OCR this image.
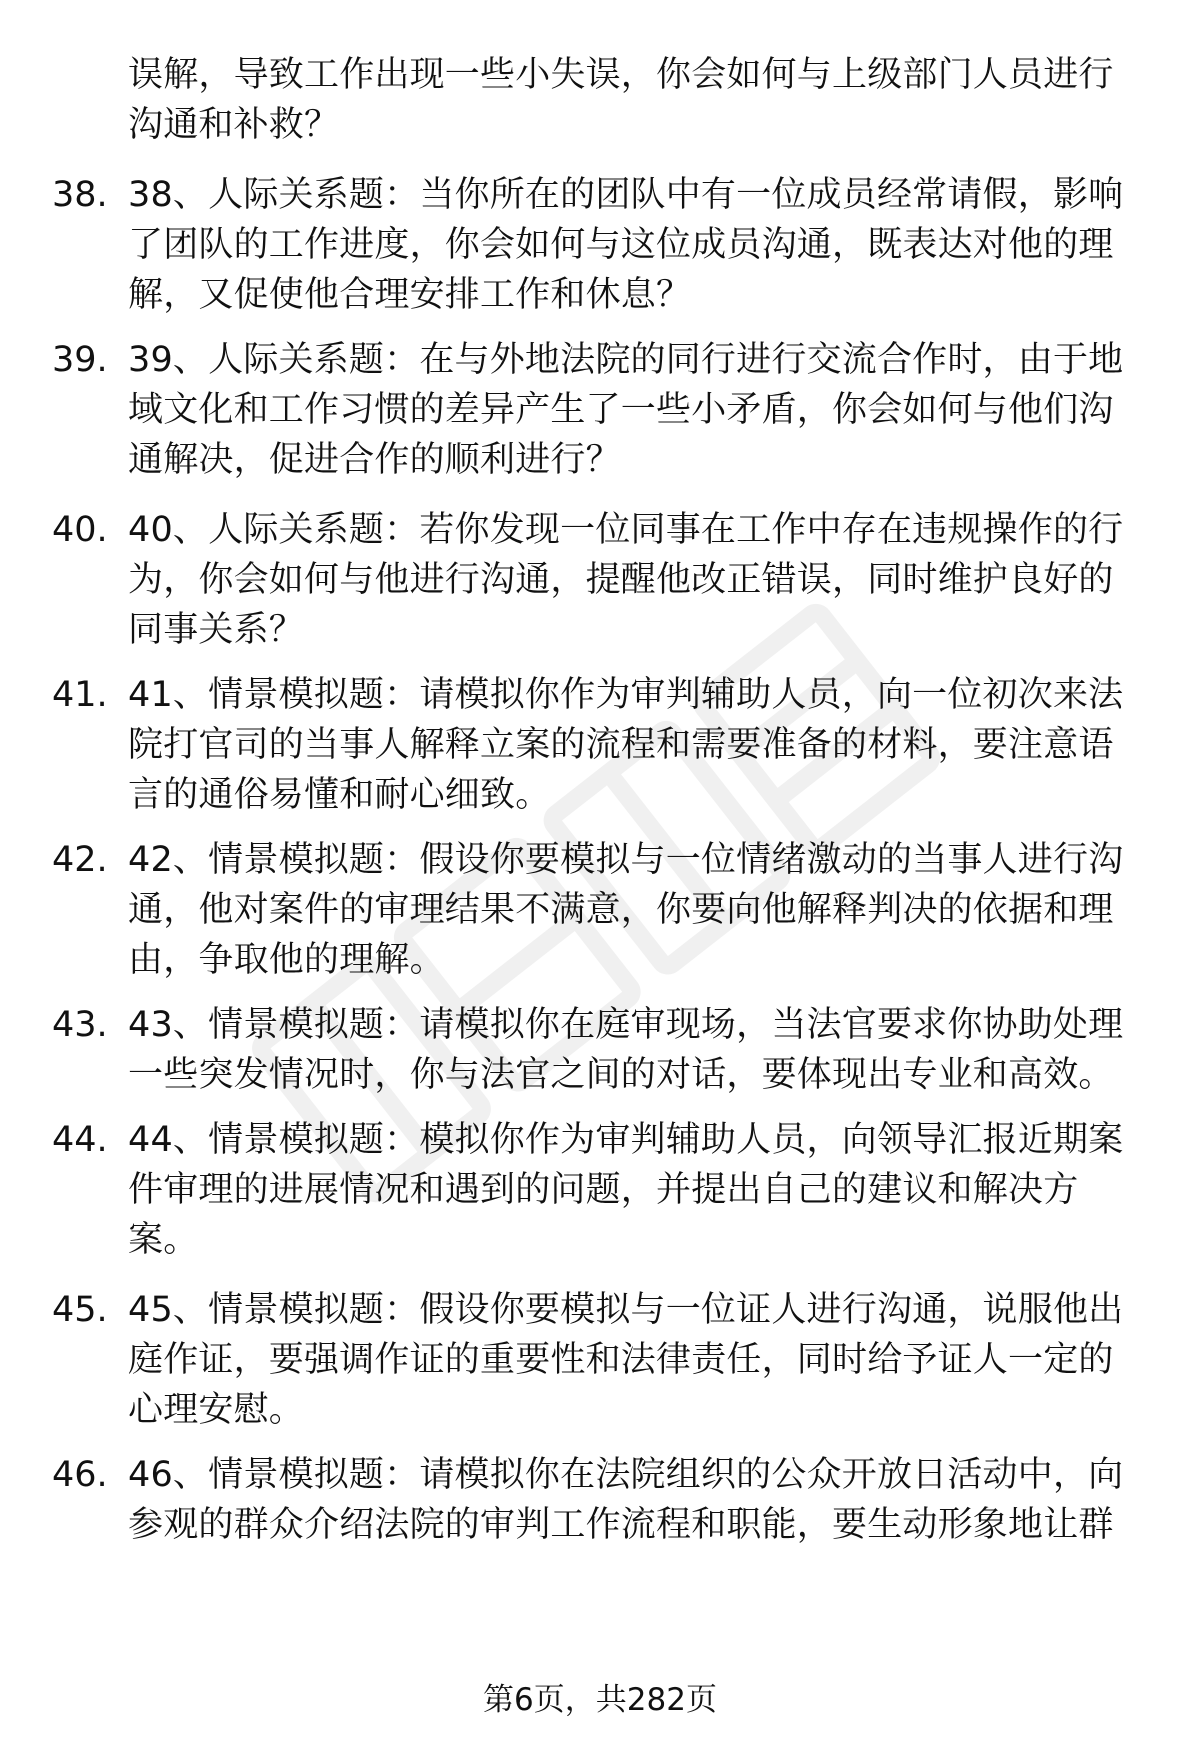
误解，导致工作出现一些小失误，你会如何与上级部门人员进行
沟通和补救？
38. 38、人际关系题：当你所在的团队中有一位成员经常请假，影响
了团队的工作进度，你会如何与这位成员沟通，既表达对他的理
解，又促使他合理安排工作和休息？
39. 39、人际关系题：在与外地法院的同行进行交流合作时，由于地
域文化和工作习惯的差异产生了一些小矛盾，你会如何与他们沟
通解决，促进合作的顺利进行？
40. 40、人际关系题：若你发现一位同事在工作中存在违规操作的行
为，你会如何与他进行沟通，提醒他改正错误，同时维护良好的
同事关系？
41. 41、情景模拟题：请模拟你作为审判辅助人员，向一位初次来法
院打官司的当事人解释立案的流程和需要准备的材料，要注意语
言的通俗易懂和耐心细致。
42. 42、情景模拟题：假设你要模拟与一位情绪激动的当事人进行沟
通，他对案件的审理结果不满意，你要向他解释判决的依据和理
由，争取他的理解。
43. 43、情景模拟题：请模拟你在庭审现场，当法官要求你协助处理
一些突发情况时，你与法官之间的对话，要体现出专业和高效。
44. 44、情景模拟题：模拟你作为审判辅助人员，向领导汇报近期案
件审理的进展情况和遇到的问题，并提出自己的建议和解决方
案。
45. 45、情景模拟题：假设你要模拟与一位证人进行沟通，说服他出
庭作证，要强调作证的重要性和法律责任，同时给予证人一定的
心理安慰。
46. 46、情景模拟题：请模拟你在法院组织的公众开放日活动中，向
参观的群众介绍法院的审判工作流程和职能，要生动形象地让群
第6页，共282页
